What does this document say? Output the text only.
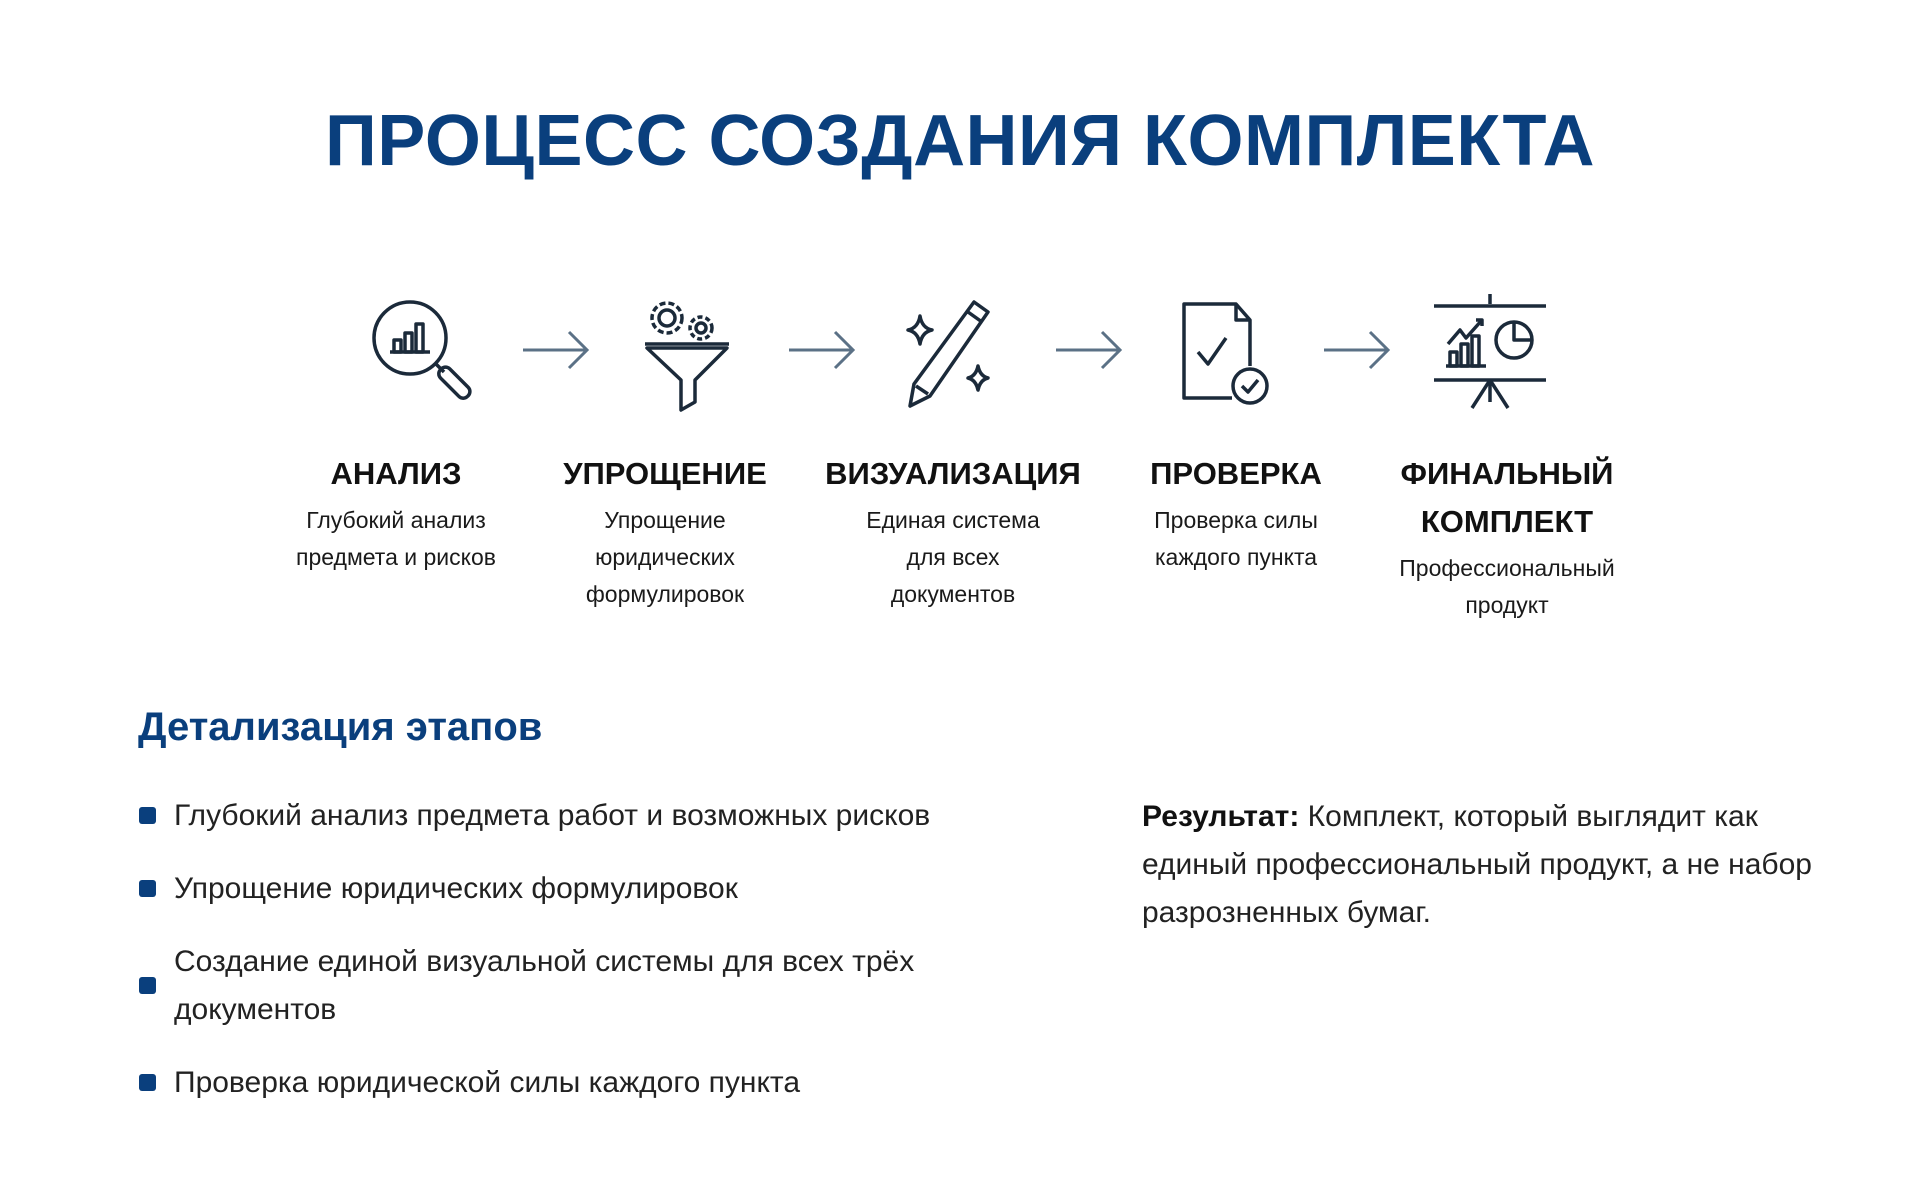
ПРОЦЕСС СОЗДАНИЯ КОМПЛЕКТА
АНАЛИЗ
Глубокий анализ
предмета и рисков
УПРОЩЕНИЕ
Упрощение
юридических
формулировок
ВИЗУАЛИЗАЦИЯ
Единая система
для всех
документов
ПРОВЕРКА
Проверка силы
каждого пункта
ФИНАЛЬНЫЙ КОМПЛЕКТ
Профессиональный
продукт
Детализация этапов
Глубокий анализ предмета работ и возможных рисков
Упрощение юридических формулировок
Создание единой визуальной системы для всех трёх документов
Проверка юридической силы каждого пункта
Результат: Комплект, который выглядит как единый профессиональный продукт, а не набор разрозненных бумаг.
